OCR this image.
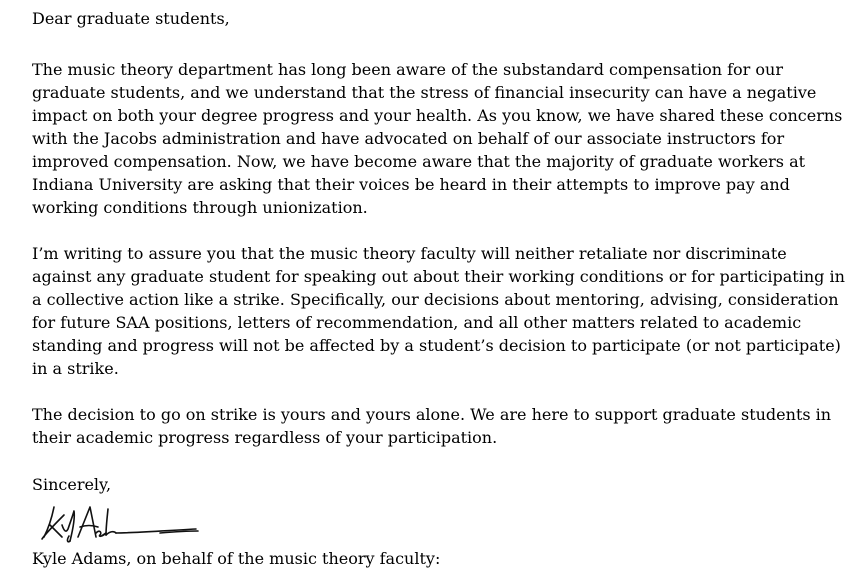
Dear graduate students,

The music theory department has long been aware of the substandard compensation for our
graduate students, and we understand that the stress of financial insecurity can have a negative
impact on both your degree progress and your health. As you know, we have shared these concerns
with the Jacobs administration and have advocated on behalf of our associate instructors for
improved compensation. Now, we have become aware that the majority of graduate workers at
Indiana University are asking that their voices be heard in their attempts to improve pay and
working conditions through unionization.

I’m writing to assure you that the music theory faculty will neither retaliate nor discriminate
against any graduate student for speaking out about their working conditions or for participating in
a collective action like a strike. Specifically, our decisions about mentoring, advising, consideration
for future SAA positions, letters of recommendation, and all other matters related to academic
standing and progress will not be affected by a student’s decision to participate (or not participate)
in a strike.

The decision to go on strike is yours and yours alone. We are here to support graduate students in
their academic progress regardless of your participation.

Sincerely,

Kyle Adams, on behalf of the music theory faculty:
